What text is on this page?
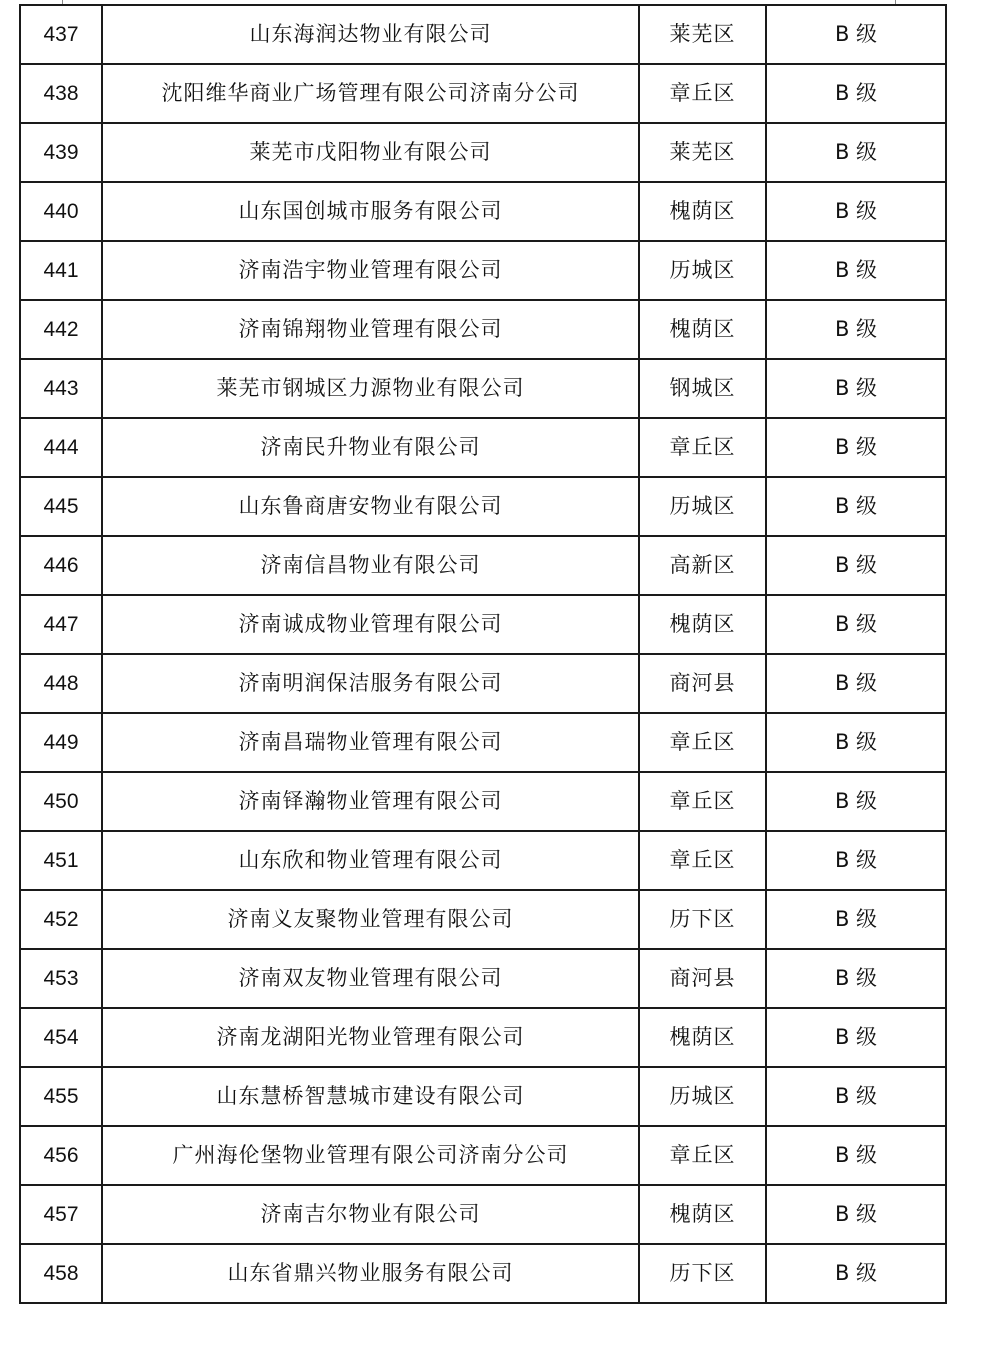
437	山东海润达物业有限公司	莱芜区	B 级
438	沈阳维华商业广场管理有限公司济南分公司	章丘区	B 级
439	莱芜市戊阳物业有限公司	莱芜区	B 级
440	山东国创城市服务有限公司	槐荫区	B 级
441	济南浩宇物业管理有限公司	历城区	B 级
442	济南锦翔物业管理有限公司	槐荫区	B 级
443	莱芜市钢城区力源物业有限公司	钢城区	B 级
444	济南民升物业有限公司	章丘区	B 级
445	山东鲁商唐安物业有限公司	历城区	B 级
446	济南信昌物业有限公司	高新区	B 级
447	济南诚成物业管理有限公司	槐荫区	B 级
448	济南明润保洁服务有限公司	商河县	B 级
449	济南昌瑞物业管理有限公司	章丘区	B 级
450	济南铎瀚物业管理有限公司	章丘区	B 级
451	山东欣和物业管理有限公司	章丘区	B 级
452	济南义友聚物业管理有限公司	历下区	B 级
453	济南双友物业管理有限公司	商河县	B 级
454	济南龙湖阳光物业管理有限公司	槐荫区	B 级
455	山东慧桥智慧城市建设有限公司	历城区	B 级
456	广州海伦堡物业管理有限公司济南分公司	章丘区	B 级
457	济南吉尔物业有限公司	槐荫区	B 级
458	山东省鼎兴物业服务有限公司	历下区	B 级
